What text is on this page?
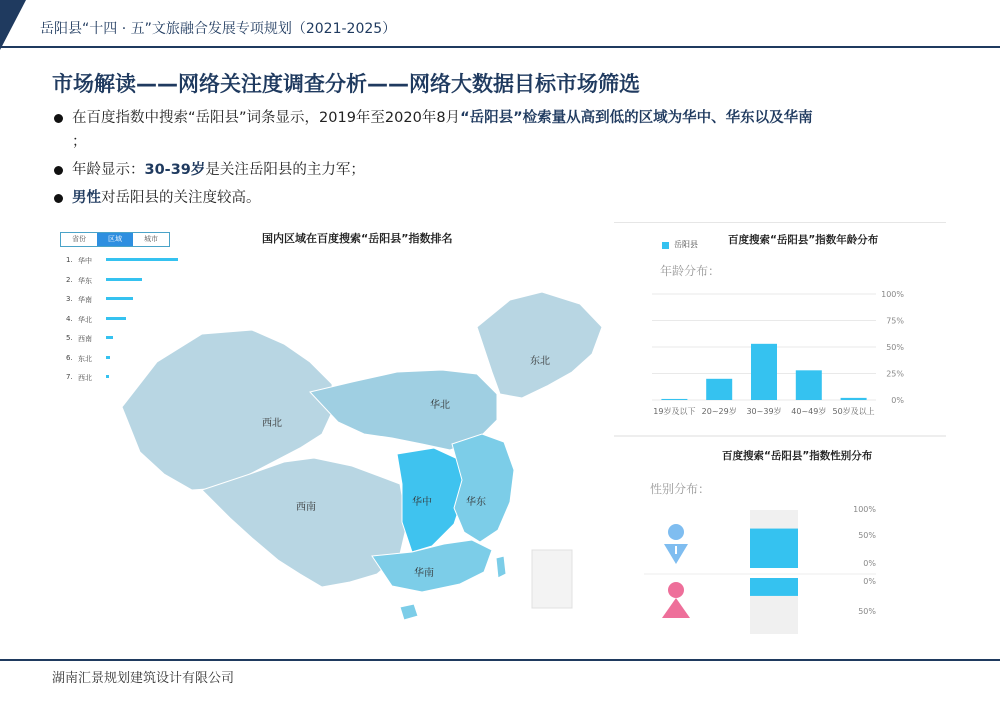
岳阳县“十四 · 五”文旅融合发展专项规划（2021-2025）
市场解读——网络关注度调查分析——网络大数据目标市场筛选
在百度指数中搜索“岳阳县”词条显示，2019年至2020年8月“岳阳县”检索量从高到低的区域为华中、华东以及华南
；
年龄显示：30-39岁是关注岳阳县的主力军；
男性对岳阳县的关注度较高。
东北
华北
西北
华中	华东
西南
华南
国内区域在百度搜索“岳阳县”指数排名
省份	区域	城市
1. 华中
2. 华东
3. 华南
4. 华北
5. 西南
6. 东北
7. 西北
岳阳县	百度搜索“岳阳县”指数年龄分布
年龄分布：
100%
75%
50%
25%
0%
19岁及以下 20~29岁 30~39岁 40~49岁 50岁及以上
百度搜索“岳阳县”指数性别分布
性别分布：
100%
50%
0%
0%
50%
湖南汇景规划建筑设计有限公司
